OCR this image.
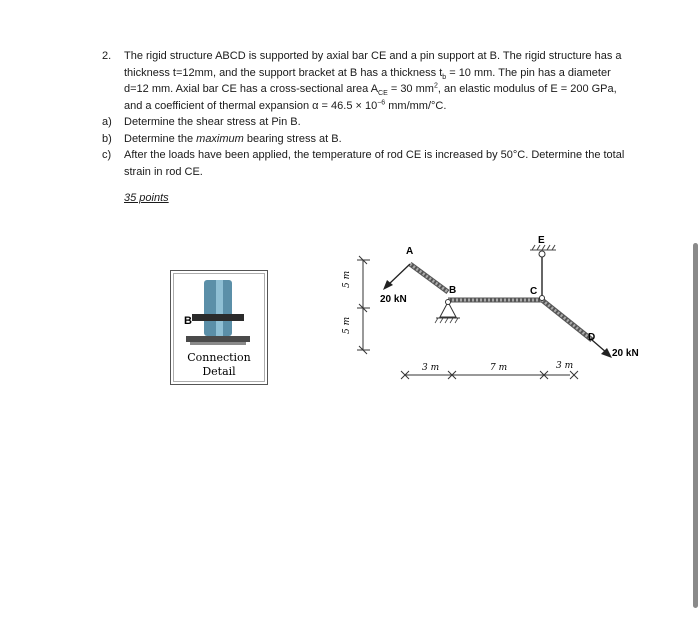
2.	The rigid structure ABCD is supported by axial bar CE and a pin support at B. The rigid structure has a thickness t=12mm, and the support bracket at B has a thickness $t_b = 10$ mm. The pin has a diameter d=12 mm. Axial bar CE has a cross-sectional area $A_{CE} = 30$ $mm^2$, an elastic modulus of E = 200 GPa, and a coefficient of thermal expansion $\alpha = 46.5 \times 10^{-6}$ mm/mm/°C.
a)	Determine the shear stress at Pin B.
b)	Determine the maximum bearing stress at B.
c)	After the loads have been applied, the temperature of rod CE is increased by 50°C. Determine the total strain in rod CE.
35 points
B
Connection
Detail
5 m
5 m
A
B	C
D
E
20 kN
20 kN
3 m	7 m	3 m
